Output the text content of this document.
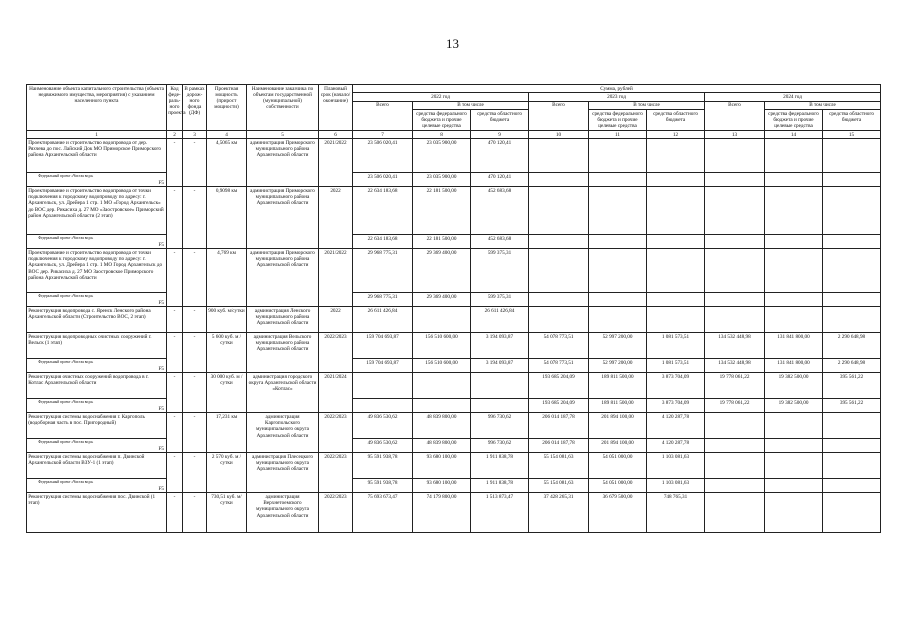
13
Наименование объекта капитального строительства (объекта недвижимого имущества, мероприятия) с указанием населенного пункта	Код феде-раль-ного проекта	В рамках дорож-ного фонда (ДФ)	Проектная мощность (прирост мощности)	Наименование заказчика по объектам государственной (муниципальной) собственности	Плановый срок (начало/окончание)	Сумма, рублей								
						2022 год			2023 год			2024 год		
						Всего	В том числе		Всего	В том числе		Всего	В том числе	
							средства федерального бюджета и прочие целевые средства	средства областного бюджета		средства федерального бюджета и прочие целевые средства	средства областного бюджета		средства федерального бюджета и прочие целевые средства	средства областного бюджета
1	2	3	4	5	6	7	8	9	10	11	12	13	14	15
Проектирование и строительство водопровода от дер. Ряхчева до пос. Лайский Док МО Приморское Приморского района Архангельской области	-	-	4,5065 км	администрация Приморского муниципального района Архангельской области	2021/2022	23 506 020,41	23 035 900,00	470 120,41						

Федеральный проект «Чистая вода»
F5						23 506 020,41	23 035 900,00	470 120,41						
Проектирование и строительство водопровода от точки подключения к городскому водопроводу по адресу: г. Архангельск, ул. Дрейера 1 стр. 1 МО «Город Архангельск» до ВОС дер. Рикасиха д. 27 МО «Заостровское» Приморский район Архангельской области (2 этап)	-	-	0,9098 км	администрация Приморского муниципального района Архангельской области	2022	22 634 183,68	22 181 500,00	452 683,68						

Федеральный проект «Чистая вода»
F5						22 634 183,68	22 181 500,00	452 683,68						
Проектирование и строительство водопровода от точки подключения к городскому водопроводу по адресу: г. Архангельск, ул. Дрейера 1 стр. 1 МО Город Архангельск до ВОС дер. Рикасиха д. 27 МО Заостровское Приморского района Архангельской области	-	-	4,769 км	администрация Приморского муниципального района Архангельской области	2021/2022	29 968 775,31	29 369 400,00	599 375,31						

Федеральный проект «Чистая вода»
F5						29 968 775,31	29 369 400,00	599 375,31						
Реконструкция водопровода с. Яренск Ленского района Архангельской области (Строительство ВОС, 2 этап)	-	-	900 куб. м/сутки	администрация Ленского муниципального района Архангельской области	2022	26 611 426,84		26 611 426,84						
Реконструкция водопроводных очистных сооружений г. Вельск (1 этап)	-	-	5 600 куб. м / сутки	администрация Вельского муниципального района Архангельской области	2022/2023	159 704 693,87	156 510 600,00	3 194 093,87	54 078 773,51	52 997 200,00	1 081 573,51	134 532 448,98	131 841 800,00	2 290 648,98

Федеральный проект «Чистая вода»
F5						159 704 693,87	156 510 600,00	3 194 093,87	54 078 773,51	52 997 200,00	1 081 573,51	134 532 448,98	131 841 800,00	2 290 648,98
Реконструкция очистных сооружений водопровода в г. Котлас Архангельской области	-	-	30 000 куб. м / сутки	администрация городского округа Архангельской области «Котлас»	2021/2024				193 685 204,09	189 811 500,00	3 873 704,09	19 778 061,22	19 382 500,00	395 561,22

Федеральный проект «Чистая вода»
F5									193 685 204,09	189 811 500,00	3 873 704,09	19 778 061,22	19 382 500,00	395 561,22
Реконструкция системы водоснабжения г. Каргополь (водоборная часть в пос. Пригородный)	-	-	17,231 км	администрация Каргопольского муниципального округа Архангельской области	2022/2023	49 836 530,62	48 839 800,00	996 730,62	206 014 187,78	201 894 100,00	4 120 287,78			

Федеральный проект «Чистая вода»
F5						49 836 530,62	48 839 800,00	996 730,62	206 014 187,78	201 894 100,00	4 120 287,78			
Реконструкция системы водоснабжения п. Двинской Архангельской области ВЗУ-1 (1 этап)	-	-	2 570 куб. м / сутки	администрация Плесецкого муниципального округа Архангельской области	2022/2023	95 591 938,78	93 680 100,00	1 911 838,78	55 154 081,63	54 051 000,00	1 103 081,63			

Федеральный проект «Чистая вода»
F5						95 591 938,78	93 680 100,00	1 911 838,78	55 154 081,63	54 051 000,00	1 103 081,63			
Реконструкция системы водоснабжения пос. Двинской (1 этап)	-	-	730,51 куб. м/сутки	администрация Верхнетоемского муниципального округа Архангельской области	2022/2023	75 693 673,47	74 179 800,00	1 513 873,47	37 428 265,31	36 679 500,00	748 765,31			
